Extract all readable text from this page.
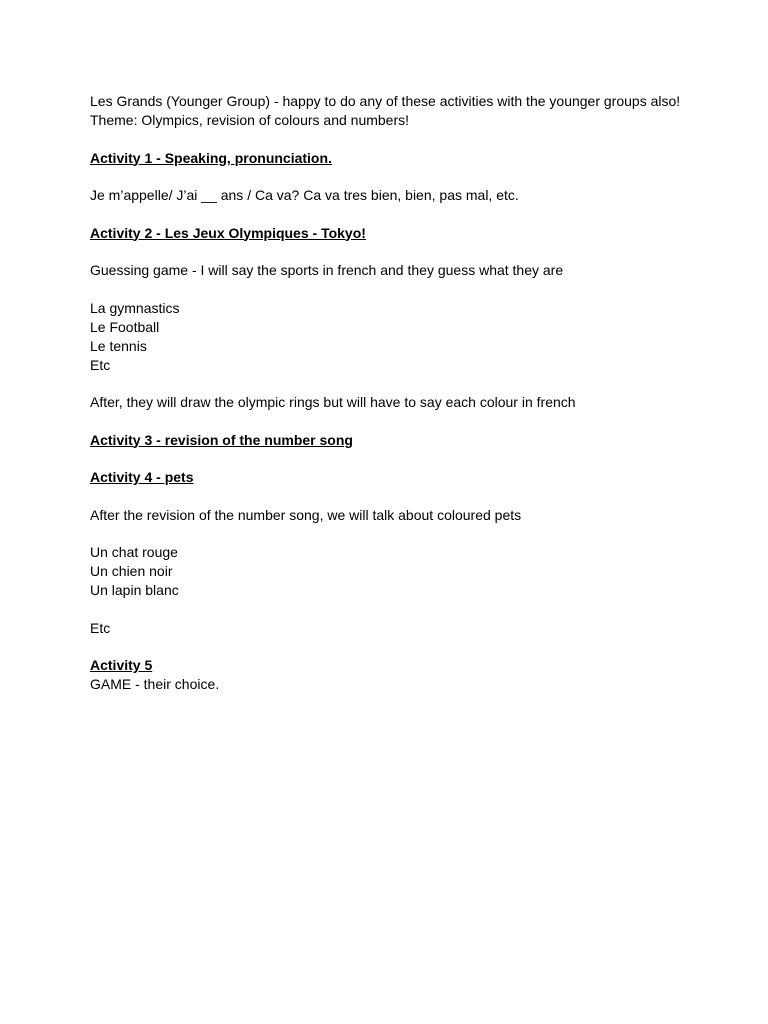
Les Grands (Younger Group) - happy to do any of these activities with the younger groups also!
Theme: Olympics, revision of colours and numbers!
Activity 1 - Speaking, pronunciation.
Je m’appelle/ J’ai __ ans / Ca va? Ca va tres bien, bien, pas mal, etc.
Activity 2 - Les Jeux Olympiques - Tokyo!
Guessing game - I will say the sports in french and they guess what they are
La gymnastics
Le Football
Le tennis
Etc
After, they will draw the olympic rings but will have to say each colour in french
Activity 3 - revision of the number song
Activity 4 - pets
After the revision of the number song, we will talk about coloured pets
Un chat rouge
Un chien noir
Un lapin blanc
Etc
Activity 5
GAME - their choice.
